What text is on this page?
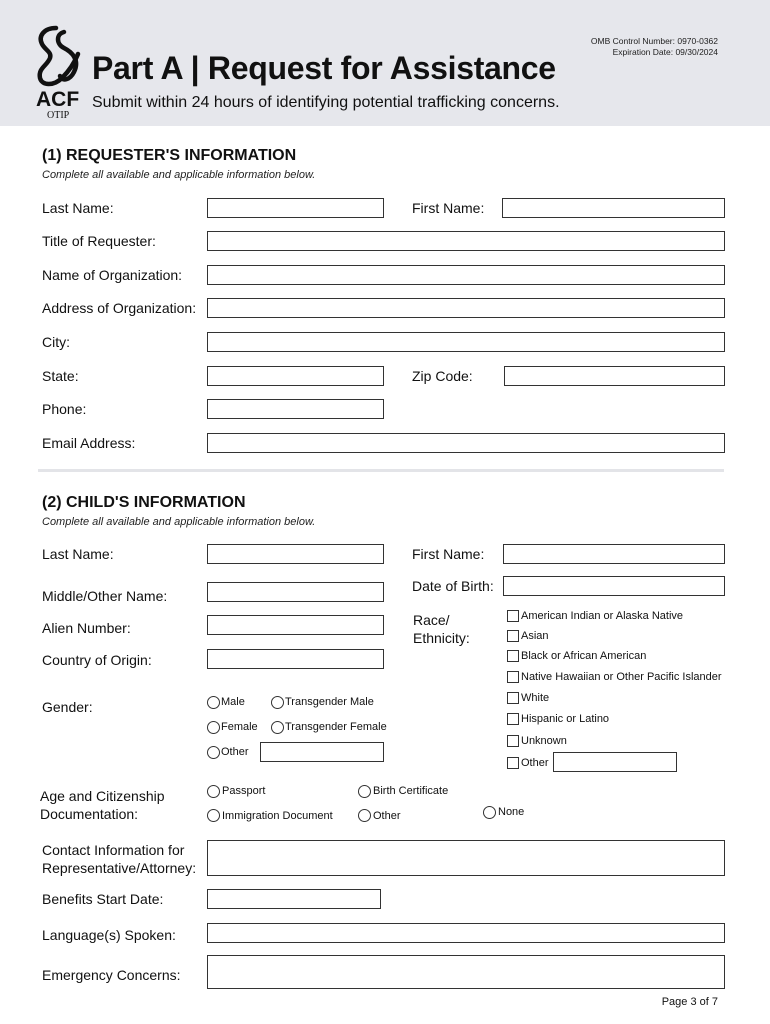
ACF
OTIP
OMB Control Number: 0970-0362
Expiration Date: 09/30/2024
Part A | Request for Assistance
Submit within 24 hours of identifying potential trafficking concerns.
(1) REQUESTER'S INFORMATION
Complete all available and applicable information below.
Last Name:	First Name:
Title of Requester:
Name of Organization:
Address of Organization:
City:
State:	Zip Code:
Phone:
Email Address:
(2) CHILD'S INFORMATION
Complete all available and applicable information below.
Last Name:	First Name:
Middle/Other Name:
Date of Birth:
Alien Number:
Country of Origin:
Race/
Ethnicity:
American Indian or Alaska Native
Asian
Black or African American
Native Hawaiian or Other Pacific Islander
White
Hispanic or Latino
Unknown
Other
Gender:	Male	Transgender Male
Female Transgender Female
Other
Age and Citizenship
Documentation:
Passport	Birth Certificate
Immigration Document	Other	None
Contact Information for
Representative/Attorney:
Benefits Start Date:
Language(s) Spoken:
Emergency Concerns:
Page 3 of 7
